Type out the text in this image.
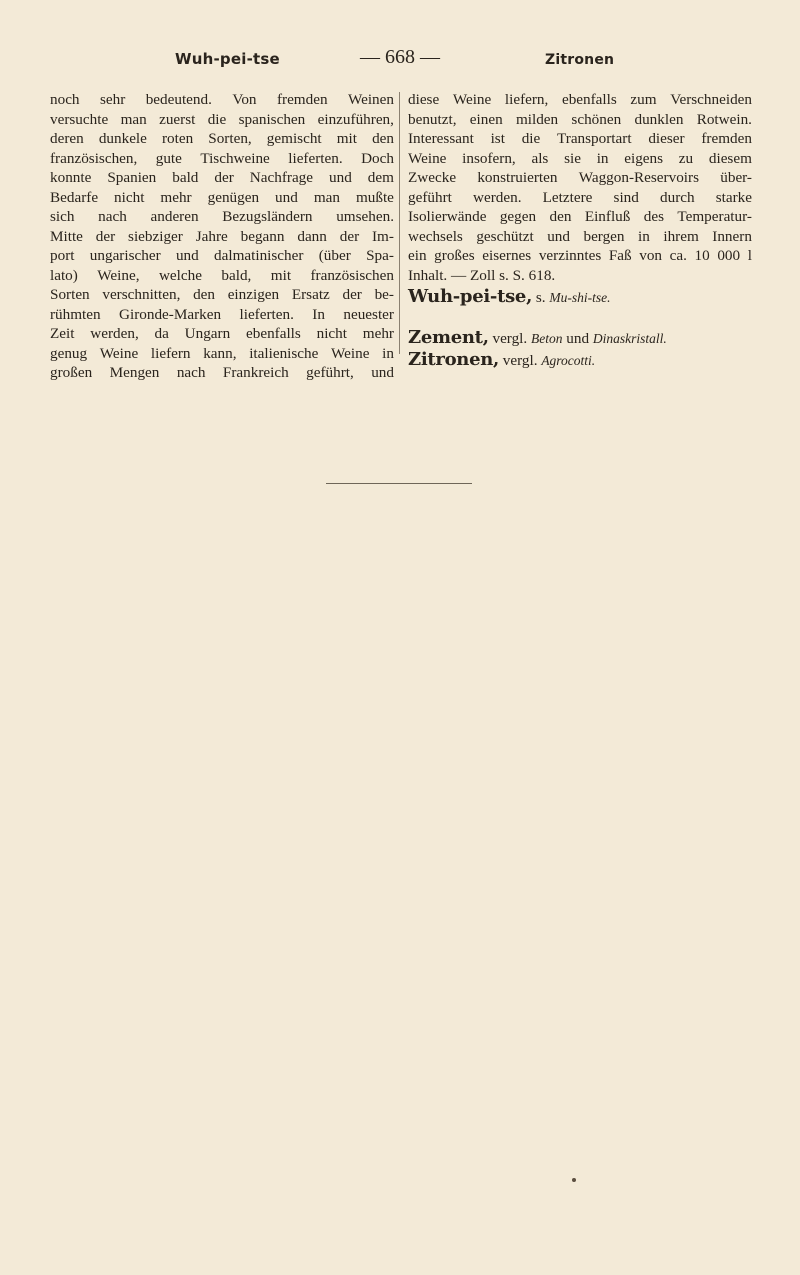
Wuh-pei-tse	— 668 —	Zitronen
noch sehr bedeutend. Von fremden Weinen
versuchte man zuerst die spanischen einzuführen,
deren dunkele roten Sorten, gemischt mit den
französischen, gute Tischweine lieferten. Doch
konnte Spanien bald der Nachfrage und dem
Bedarfe nicht mehr genügen und man mußte
sich nach anderen Bezugsländern umsehen.
Mitte der siebziger Jahre begann dann der Im-
port ungarischer und dalmatinischer (über Spa-
lato) Weine, welche bald, mit französischen
Sorten verschnitten, den einzigen Ersatz der be-
rühmten Gironde-Marken lieferten. In neuester
Zeit werden, da Ungarn ebenfalls nicht mehr
genug Weine liefern kann, italienische Weine in
großen Mengen nach Frankreich geführt, und
diese Weine liefern, ebenfalls zum Verschneiden
benutzt, einen milden schönen dunklen Rotwein.
Interessant ist die Transportart dieser fremden
Weine insofern, als sie in eigens zu diesem
Zwecke konstruierten Waggon-Reservoirs über-
geführt werden. Letztere sind durch starke
Isolierwände gegen den Einfluß des Temperatur-
wechsels geschützt und bergen in ihrem Innern
ein großes eisernes verzinntes Faß von ca. 10 000 l
Inhalt. — Zoll s. S. 618.
Wuh-pei-tse, s. Mu-shi-tse.
Zement, vergl. Beton und Dinaskristall.
Zitronen, vergl. Agrocotti.
